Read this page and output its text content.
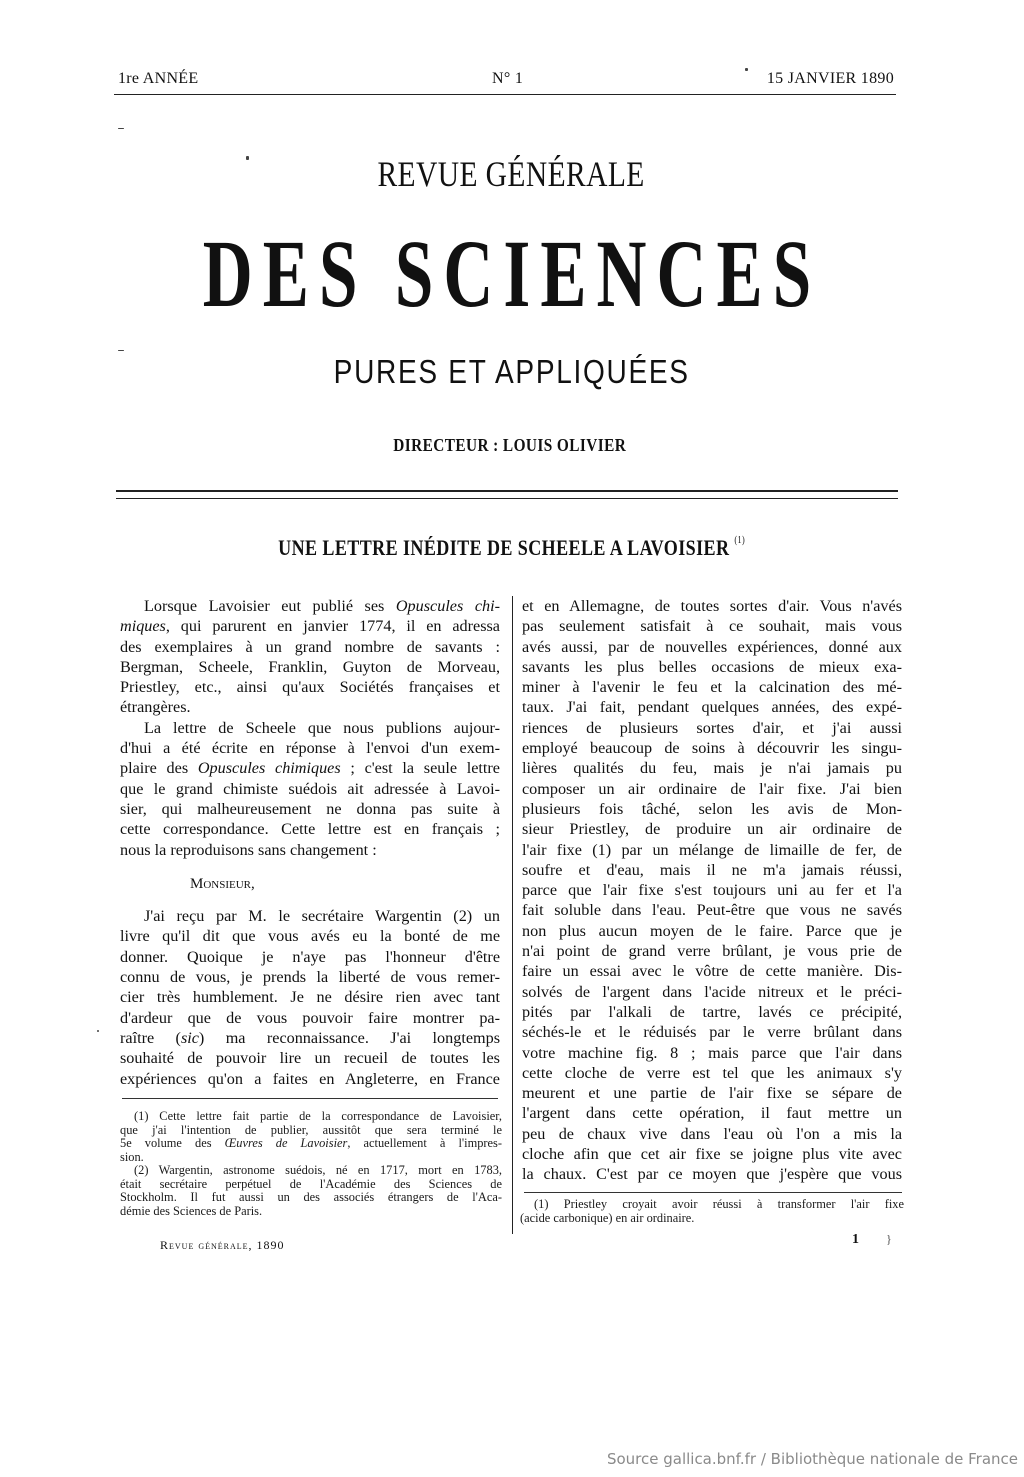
1re ANNÉE	N° 1	15 JANVIER 1890
REVUE GÉNÉRALE
DES SCIENCES
PURES ET APPLIQUÉES
DIRECTEUR : LOUIS OLIVIER
UNE LETTRE INÉDITE DE SCHEELE A LAVOISIER $^{(1)}$
Lorsque Lavoisier eut publié ses Opuscules chi-
miques, qui parurent en janvier 1774, il en adressa
des exemplaires à un grand nombre de savants :
Bergman, Scheele, Franklin, Guyton de Morveau,
Priestley, etc., ainsi qu'aux Sociétés françaises et
étrangères.
La lettre de Scheele que nous publions aujour-
d'hui a été écrite en réponse à l'envoi d'un exem-
plaire des Opuscules chimiques ; c'est la seule lettre
que le grand chimiste suédois ait adressée à Lavoi-
sier, qui malheureusement ne donna pas suite à
cette correspondance. Cette lettre est en français ;
nous la reproduisons sans changement :
Monsieur,
J'ai reçu par M. le secrétaire Wargentin (2) un
livre qu'il dit que vous avés eu la bonté de me
donner. Quoique je n'aye pas l'honneur d'être
connu de vous, je prends la liberté de vous remer-
cier très humblement. Je ne désire rien avec tant
d'ardeur que de vous pouvoir faire montrer pa-
raître (sic) ma reconnaissance. J'ai longtemps
souhaité de pouvoir lire un recueil de toutes les
expériences qu'on a faites en Angleterre, en France
et en Allemagne, de toutes sortes d'air. Vous n'avés
pas seulement satisfait à ce souhait, mais vous
avés aussi, par de nouvelles expériences, donné aux
savants les plus belles occasions de mieux exa-
miner à l'avenir le feu et la calcination des mé-
taux. J'ai fait, pendant quelques années, des expé-
riences de plusieurs sortes d'air, et j'ai aussi
employé beaucoup de soins à découvrir les singu-
lières qualités du feu, mais je n'ai jamais pu
composer un air ordinaire de l'air fixe. J'ai bien
plusieurs fois tâché, selon les avis de Mon-
sieur Priestley, de produire un air ordinaire de
l'air fixe (1) par un mélange de limaille de fer, de
soufre et d'eau, mais il ne m'a jamais réussi,
parce que l'air fixe s'est toujours uni au fer et l'a
fait soluble dans l'eau. Peut-être que vous ne savés
non plus aucun moyen de le faire. Parce que je
n'ai point de grand verre brûlant, je vous prie de
faire un essai avec le vôtre de cette manière. Dis-
solvés de l'argent dans l'acide nitreux et le préci-
pités par l'alkali de tartre, lavés ce précipité,
séchés-le et le réduisés par le verre brûlant dans
votre machine fig. 8 ; mais parce que l'air dans
cette cloche de verre est tel que les animaux s'y
meurent et une partie de l'air fixe se sépare de
l'argent dans cette opération, il faut mettre un
peu de chaux vive dans l'eau où l'on a mis la
cloche afin que cet air fixe se joigne plus vite avec
la chaux. C'est par ce moyen que j'espère que vous
(1) Cette lettre fait partie de la correspondance de Lavoisier,
que j'ai l'intention de publier, aussitôt que sera terminé le
5e volume des Œuvres de Lavoisier, actuellement à l'impres-
sion.
(2) Wargentin, astronome suédois, né en 1717, mort en 1783,
était secrétaire perpétuel de l'Académie des Sciences de
Stockholm. Il fut aussi un des associés étrangers de l'Aca-
démie des Sciences de Paris.	(1) Priestley croyait avoir réussi à transformer l'air fixe
(acide carbonique) en air ordinaire.
Revue générale, 1890	1 }
Source gallica.bnf.fr / Bibliothèque nationale de France
